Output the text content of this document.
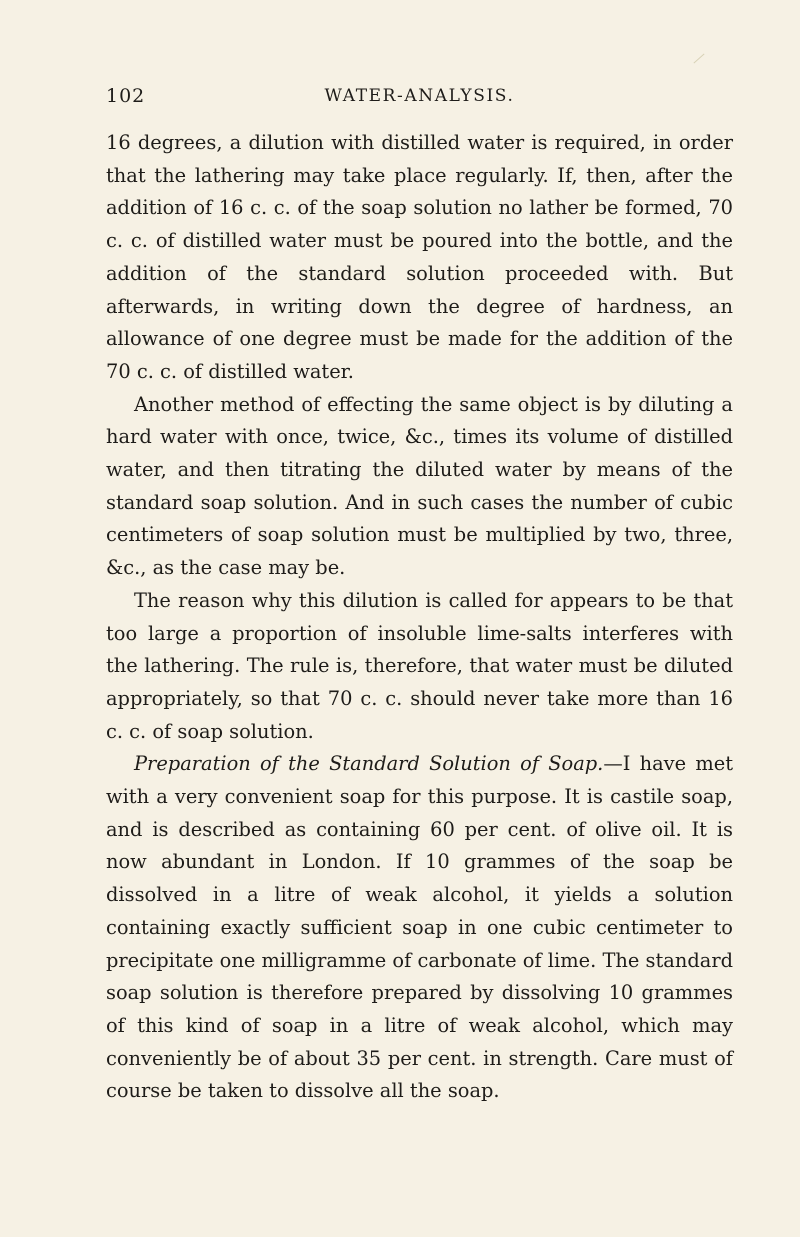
102	WATER-ANALYSIS.

16 degrees, a dilution with distilled water is required, in order that the lathering may take place regularly. If, then, after the addition of 16 c. c. of the soap solution no lather be formed, 70 c. c. of distilled water must be poured into the bottle, and the addition of the standard solution proceeded with. But afterwards, in writing down the degree of hardness, an allowance of one degree must be made for the addition of the 70 c. c. of distilled water.

Another method of effecting the same object is by diluting a hard water with once, twice, &c., times its volume of distilled water, and then titrating the diluted water by means of the standard soap solution. And in such cases the number of cubic centimeters of soap solution must be multiplied by two, three, &c., as the case may be.

The reason why this dilution is called for appears to be that too large a proportion of insoluble lime-salts interferes with the lathering. The rule is, therefore, that water must be diluted appropriately, so that 70 c. c. should never take more than 16 c. c. of soap solution.

Preparation of the Standard Solution of Soap.—I have met with a very convenient soap for this purpose. It is castile soap, and is described as containing 60 per cent. of olive oil. It is now abundant in London. If 10 grammes of the soap be dissolved in a litre of weak alcohol, it yields a solution containing exactly sufficient soap in one cubic centimeter to precipitate one milligramme of carbonate of lime. The standard soap solution is therefore prepared by dissolving 10 grammes of this kind of soap in a litre of weak alcohol, which may conveniently be of about 35 per cent. in strength. Care must of course be taken to dissolve all the soap.
